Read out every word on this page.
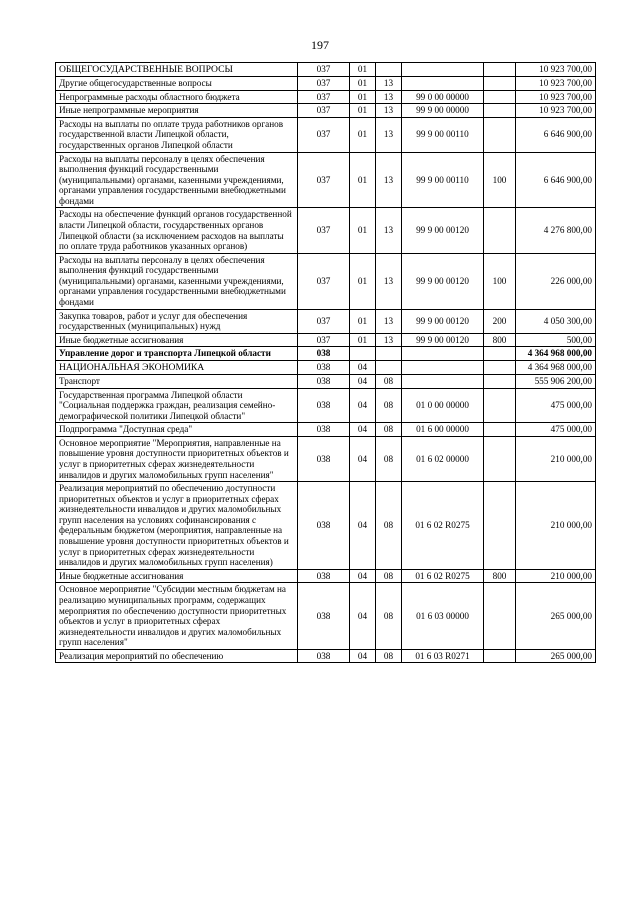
197
ОБЩЕГОСУДАРСТВЕННЫЕ ВОПРОСЫ	037	01				10 923 700,00
Другие общегосударственные вопросы	037	01	13			10 923 700,00
Непрограммные расходы областного бюджета	037	01	13	99 0 00 00000		10 923 700,00
Иные непрограммные мероприятия	037	01	13	99 9 00 00000		10 923 700,00
Расходы на выплаты по оплате труда работников органов государственной власти Липецкой области, государственных органов Липецкой области	037	01	13	99 9 00 00110		6 646 900,00
Расходы на выплаты персоналу в целях обеспечения выполнения функций государственными (муниципальными) органами, казенными учреждениями, органами управления государственными внебюджетными фондами	037	01	13	99 9 00 00110	100	6 646 900,00
Расходы на обеспечение функций органов государственной власти Липецкой области, государственных органов Липецкой области (за исключением расходов на выплаты по оплате труда работников указанных органов)	037	01	13	99 9 00 00120		4 276 800,00
Расходы на выплаты персоналу в целях обеспечения выполнения функций государственными (муниципальными) органами, казенными учреждениями, органами управления государственными внебюджетными фондами	037	01	13	99 9 00 00120	100	226 000,00
Закупка товаров, работ и услуг для обеспечения государственных (муниципальных) нужд	037	01	13	99 9 00 00120	200	4 050 300,00
Иные бюджетные ассигнования	037	01	13	99 9 00 00120	800	500,00
Управление дорог и транспорта Липецкой области	038					4 364 968 000,00
НАЦИОНАЛЬНАЯ ЭКОНОМИКА	038	04				4 364 968 000,00
Транспорт	038	04	08			555 906 200,00
Государственная программа Липецкой области "Социальная поддержка граждан, реализация семейно-демографической политики Липецкой области"	038	04	08	01 0 00 00000		475 000,00
Подпрограмма "Доступная среда"	038	04	08	01 6 00 00000		475 000,00
Основное мероприятие "Мероприятия, направленные на повышение уровня доступности приоритетных объектов и услуг в приоритетных сферах жизнедеятельности инвалидов и других маломобильных групп населения"	038	04	08	01 6 02 00000		210 000,00
Реализация мероприятий по обеспечению доступности приоритетных объектов и услуг в приоритетных сферах жизнедеятельности инвалидов и других маломобильных групп населения на условиях софинансирования с федеральным бюджетом (мероприятия, направленные на повышение уровня доступности приоритетных объектов и услуг в приоритетных сферах жизнедеятельности инвалидов и других маломобильных групп населения)	038	04	08	01 6 02 R0275		210 000,00
Иные бюджетные ассигнования	038	04	08	01 6 02 R0275	800	210 000,00
Основное мероприятие "Субсидии местным бюджетам на реализацию муниципальных программ, содержащих мероприятия по обеспечению доступности приоритетных объектов и услуг в приоритетных сферах жизнедеятельности инвалидов и других маломобильных групп населения"	038	04	08	01 6 03 00000		265 000,00
Реализация мероприятий по обеспечению	038	04	08	01 6 03 R0271		265 000,00
